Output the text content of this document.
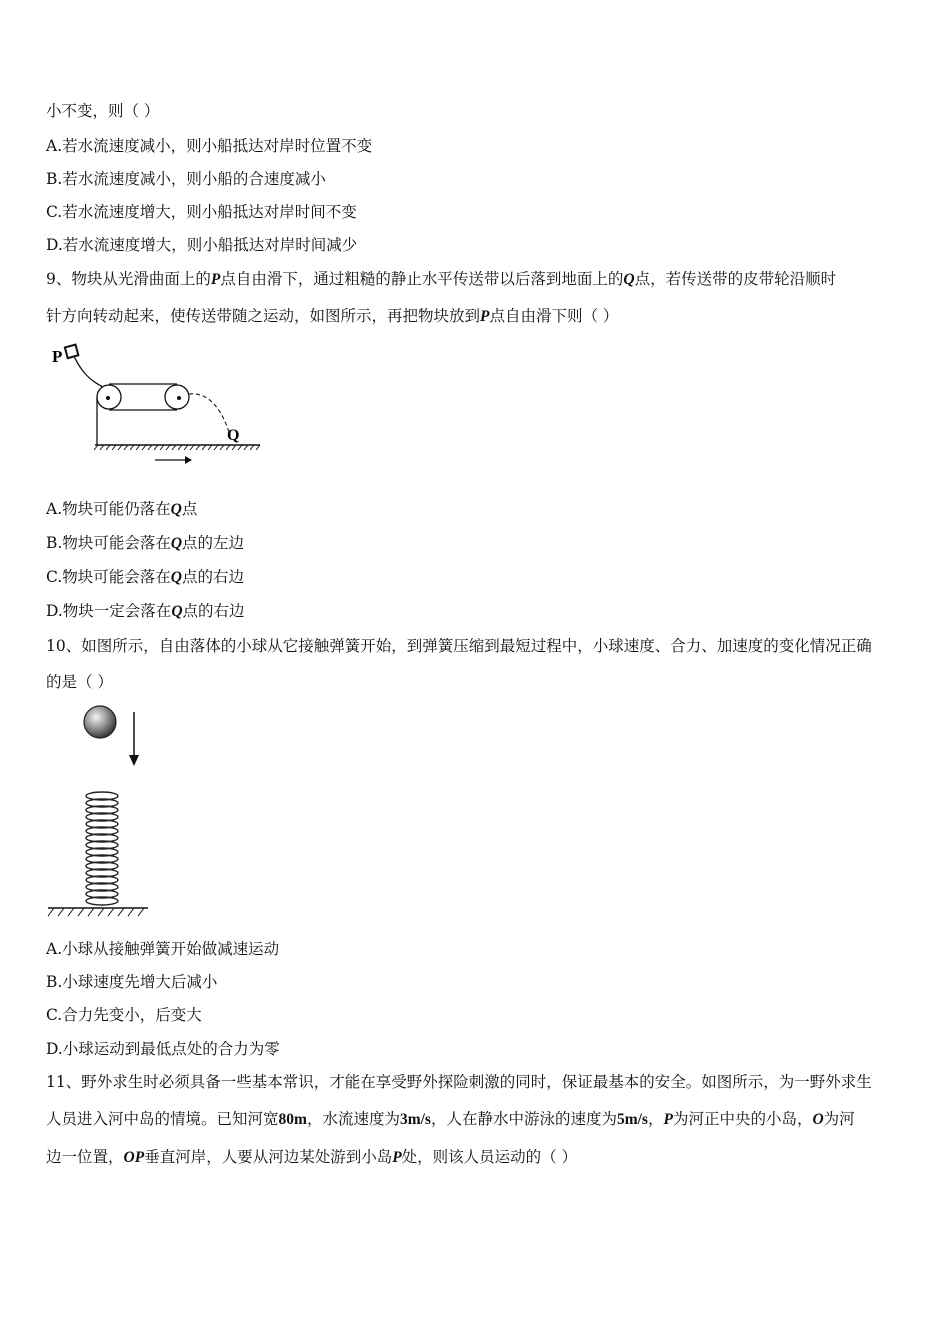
小不变，则（ ）
A.若水流速度减小，则小船抵达对岸时位置不变
B.若水流速度减小，则小船的合速度减小
C.若水流速度增大，则小船抵达对岸时间不变
D.若水流速度增大，则小船抵达对岸时间减少
9、物块从光滑曲面上的P点自由滑下，通过粗糙的静止水平传送带以后落到地面上的Q点，若传送带的皮带轮沿顺时
针方向转动起来，使传送带随之运动，如图所示，再把物块放到P点自由滑下则（ ）
P
Q
A.物块可能仍落在Q点
B.物块可能会落在Q点的左边
C.物块可能会落在Q点的右边
D.物块一定会落在Q点的右边
10、如图所示，自由落体的小球从它接触弹簧开始，到弹簧压缩到最短过程中，小球速度、合力、加速度的变化情况正确
的是（ ）
A.小球从接触弹簧开始做减速运动
B.小球速度先增大后减小
C.合力先变小，后变大
D.小球运动到最低点处的合力为零
11、野外求生时必须具备一些基本常识，才能在享受野外探险刺激的同时，保证最基本的安全。如图所示，为一野外求生
人员进入河中岛的情境。已知河宽80m，水流速度为3m/s，人在静水中游泳的速度为5m/s，P为河正中央的小岛，O为河
边一位置，OP垂直河岸，人要从河边某处游到小岛P处，则该人员运动的（ ）
